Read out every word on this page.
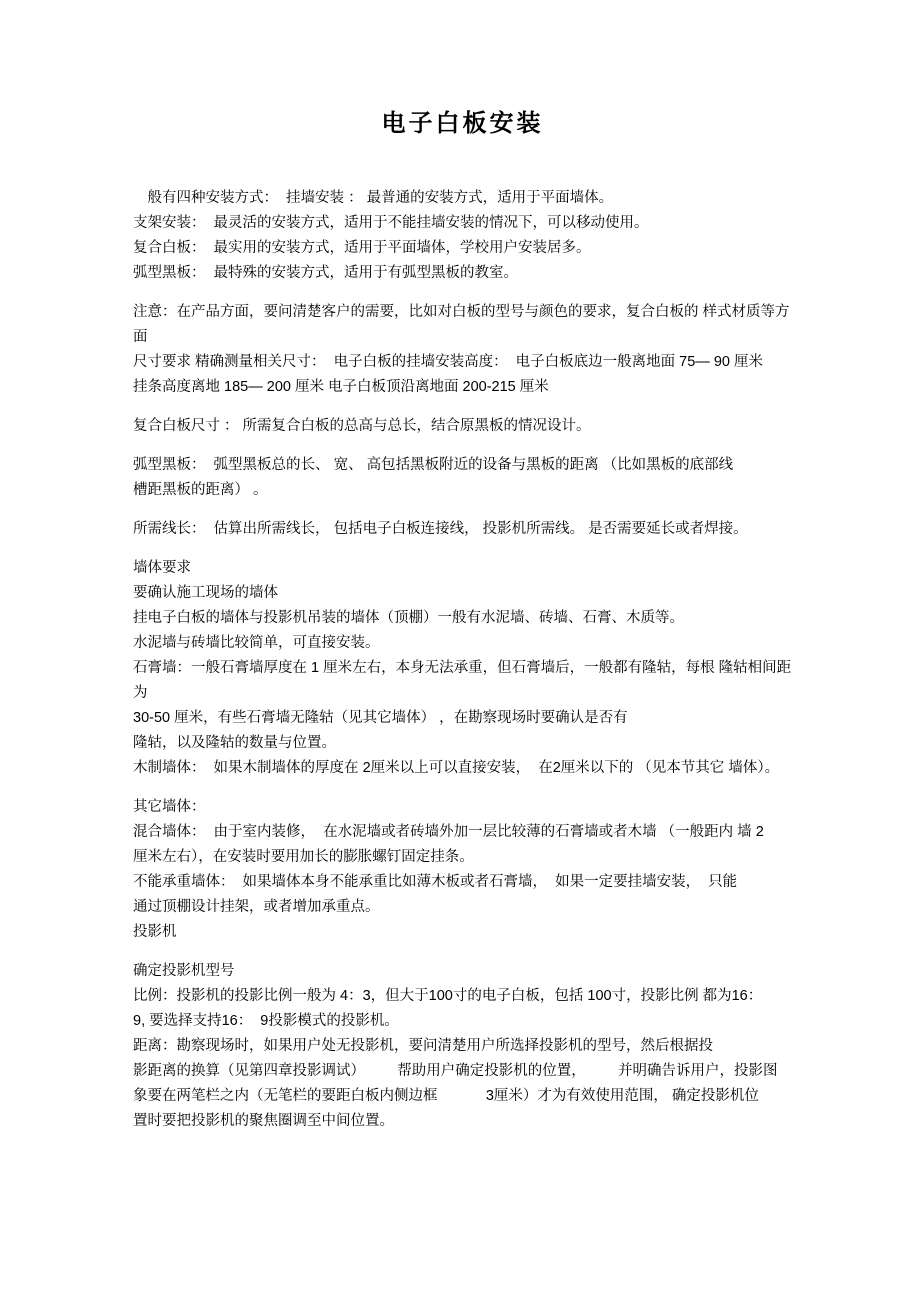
电子白板安装
　般有四种安装方式：  挂墙安装 ： 最普通的安装方式，适用于平面墙体。
支架安装：  最灵活的安装方式，适用于不能挂墙安装的情况下，可以移动使用。
复合白板：  最实用的安装方式，适用于平面墙体，学校用户安装居多。
弧型黑板：  最特殊的安装方式，适用于有弧型黑板的教室。
注意：在产品方面，要问清楚客户的需要，比如对白板的型号与颜色的要求，复合白板的 样式材质等方面
尺寸要求 精确测量相关尺寸：  电子白板的挂墙安装高度：  电子白板底边一般离地面 75— 90 厘米
挂条高度离地 185— 200 厘米 电子白板顶沿离地面 200-215 厘米
复合白板尺寸 ： 所需复合白板的总高与总长，结合原黑板的情况设计。
弧型黑板：  弧型黑板总的长、 宽、 高包括黑板附近的设备与黑板的距离 （比如黑板的底部线
槽距黑板的距离） 。
所需线长：  估算出所需线长， 包括电子白板连接线， 投影机所需线。 是否需要延长或者焊接。
墙体要求
要确认施工现场的墙体
挂电子白板的墙体与投影机吊装的墙体（顶棚）一般有水泥墙、砖墙、石膏、木质等。
水泥墙与砖墙比较简单，可直接安装。
石膏墙：一般石膏墙厚度在 1 厘米左右，本身无法承重，但石膏墙后，一般都有隆轱，每根 隆轱相间距为
30-50 厘米，有些石膏墙无隆轱（见其它墙体） ，在勘察现场时要确认是否有
隆轱，以及隆轱的数量与位置。
木制墙体：  如果木制墙体的厚度在 2厘米以上可以直接安装，  在2厘米以下的 （见本节其它 墙体）。
其它墙体：
混合墙体：  由于室内装修，  在水泥墙或者砖墙外加一层比较薄的石膏墙或者木墙 （一般距内 墙 2
厘米左右），在安装时要用加长的膨胀螺钉固定挂条。
不能承重墙体：  如果墙体本身不能承重比如薄木板或者石膏墙，  如果一定要挂墙安装，  只能
通过顶棚设计挂架，或者增加承重点。
投影机
确定投影机型号
比例：投影机的投影比例一般为 4：3，但大于100寸的电子白板，包括 100寸，投影比例 都为16：
9, 要选择支持16：  9投影模式的投影机。
距离：勘察现场时，如果用户处无投影机，要问清楚用户所选择投影机的型号，然后根据投
影距离的换算（见第四章投影调试）        帮助用户确定投影机的位置，        并明确告诉用户，投影图
象要在两笔栏之内（无笔栏的要距白板内侧边框            3厘米）才为有效使用范围， 确定投影机位
置时要把投影机的聚焦圈调至中间位置。
